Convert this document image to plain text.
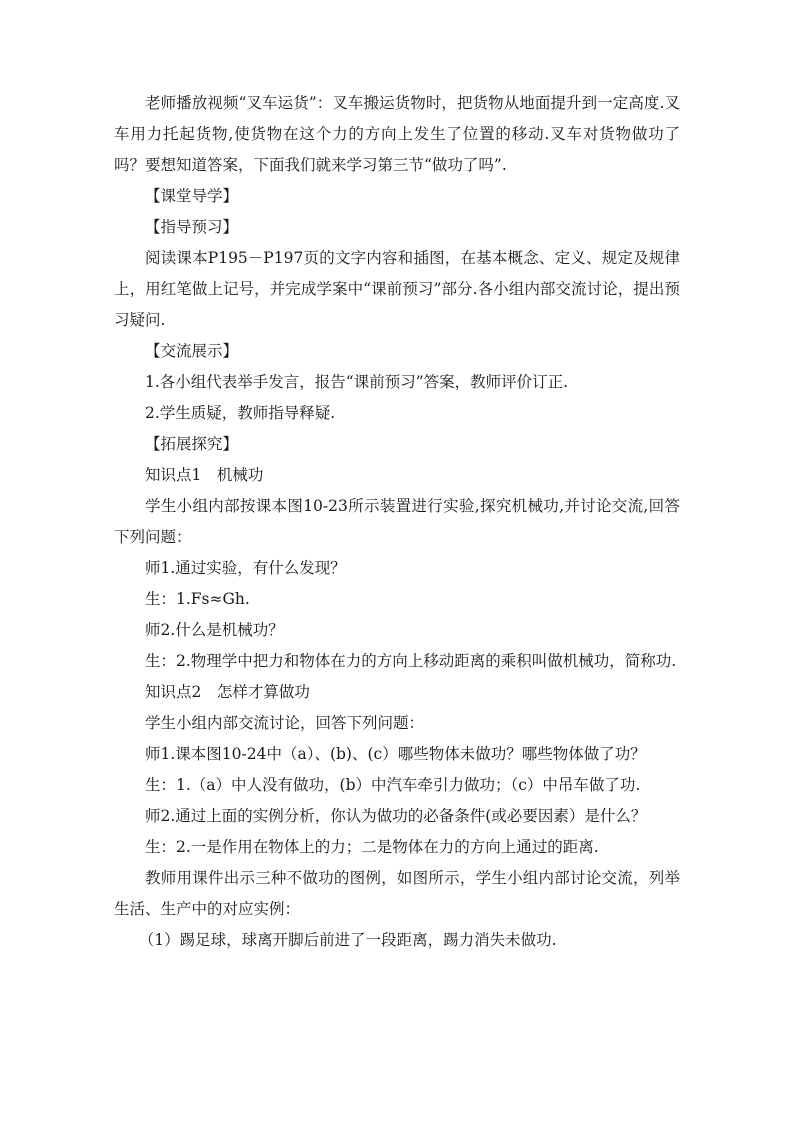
老师播放视频“叉车运货”：叉车搬运货物时，把货物从地面提升到一定高度.叉车用力托起货物,使货物在这个力的方向上发生了位置的移动.叉车对货物做功了吗？要想知道答案，下面我们就来学习第三节“做功了吗”.

【课堂导学】

【指导预习】

阅读课本P195－P197页的文字内容和插图，在基本概念、定义、规定及规律上，用红笔做上记号，并完成学案中“课前预习”部分.各小组内部交流讨论，提出预习疑问.

【交流展示】

1.各小组代表举手发言，报告“课前预习”答案，教师评价订正.

2.学生质疑，教师指导释疑.

【拓展探究】

知识点1　机械功

学生小组内部按课本图10-23所示装置进行实验,探究机械功,并讨论交流,回答下列问题：

师1.通过实验，有什么发现？

生：1.Fs≈Gh.

师2.什么是机械功？

生：2.物理学中把力和物体在力的方向上移动距离的乘积叫做机械功，简称功.

知识点2　怎样才算做功

学生小组内部交流讨论，回答下列问题：

师1.课本图10-24中（a）、(b)、(c）哪些物体未做功？哪些物体做了功？

生：1.（a）中人没有做功，(b）中汽车牵引力做功；（c）中吊车做了功.

师2.通过上面的实例分析，你认为做功的必备条件(或必要因素）是什么？

生：2.一是作用在物体上的力；二是物体在力的方向上通过的距离.

教师用课件出示三种不做功的图例，如图所示，学生小组内部讨论交流，列举生活、生产中的对应实例：

（1）踢足球，球离开脚后前进了一段距离，踢力消失未做功.
